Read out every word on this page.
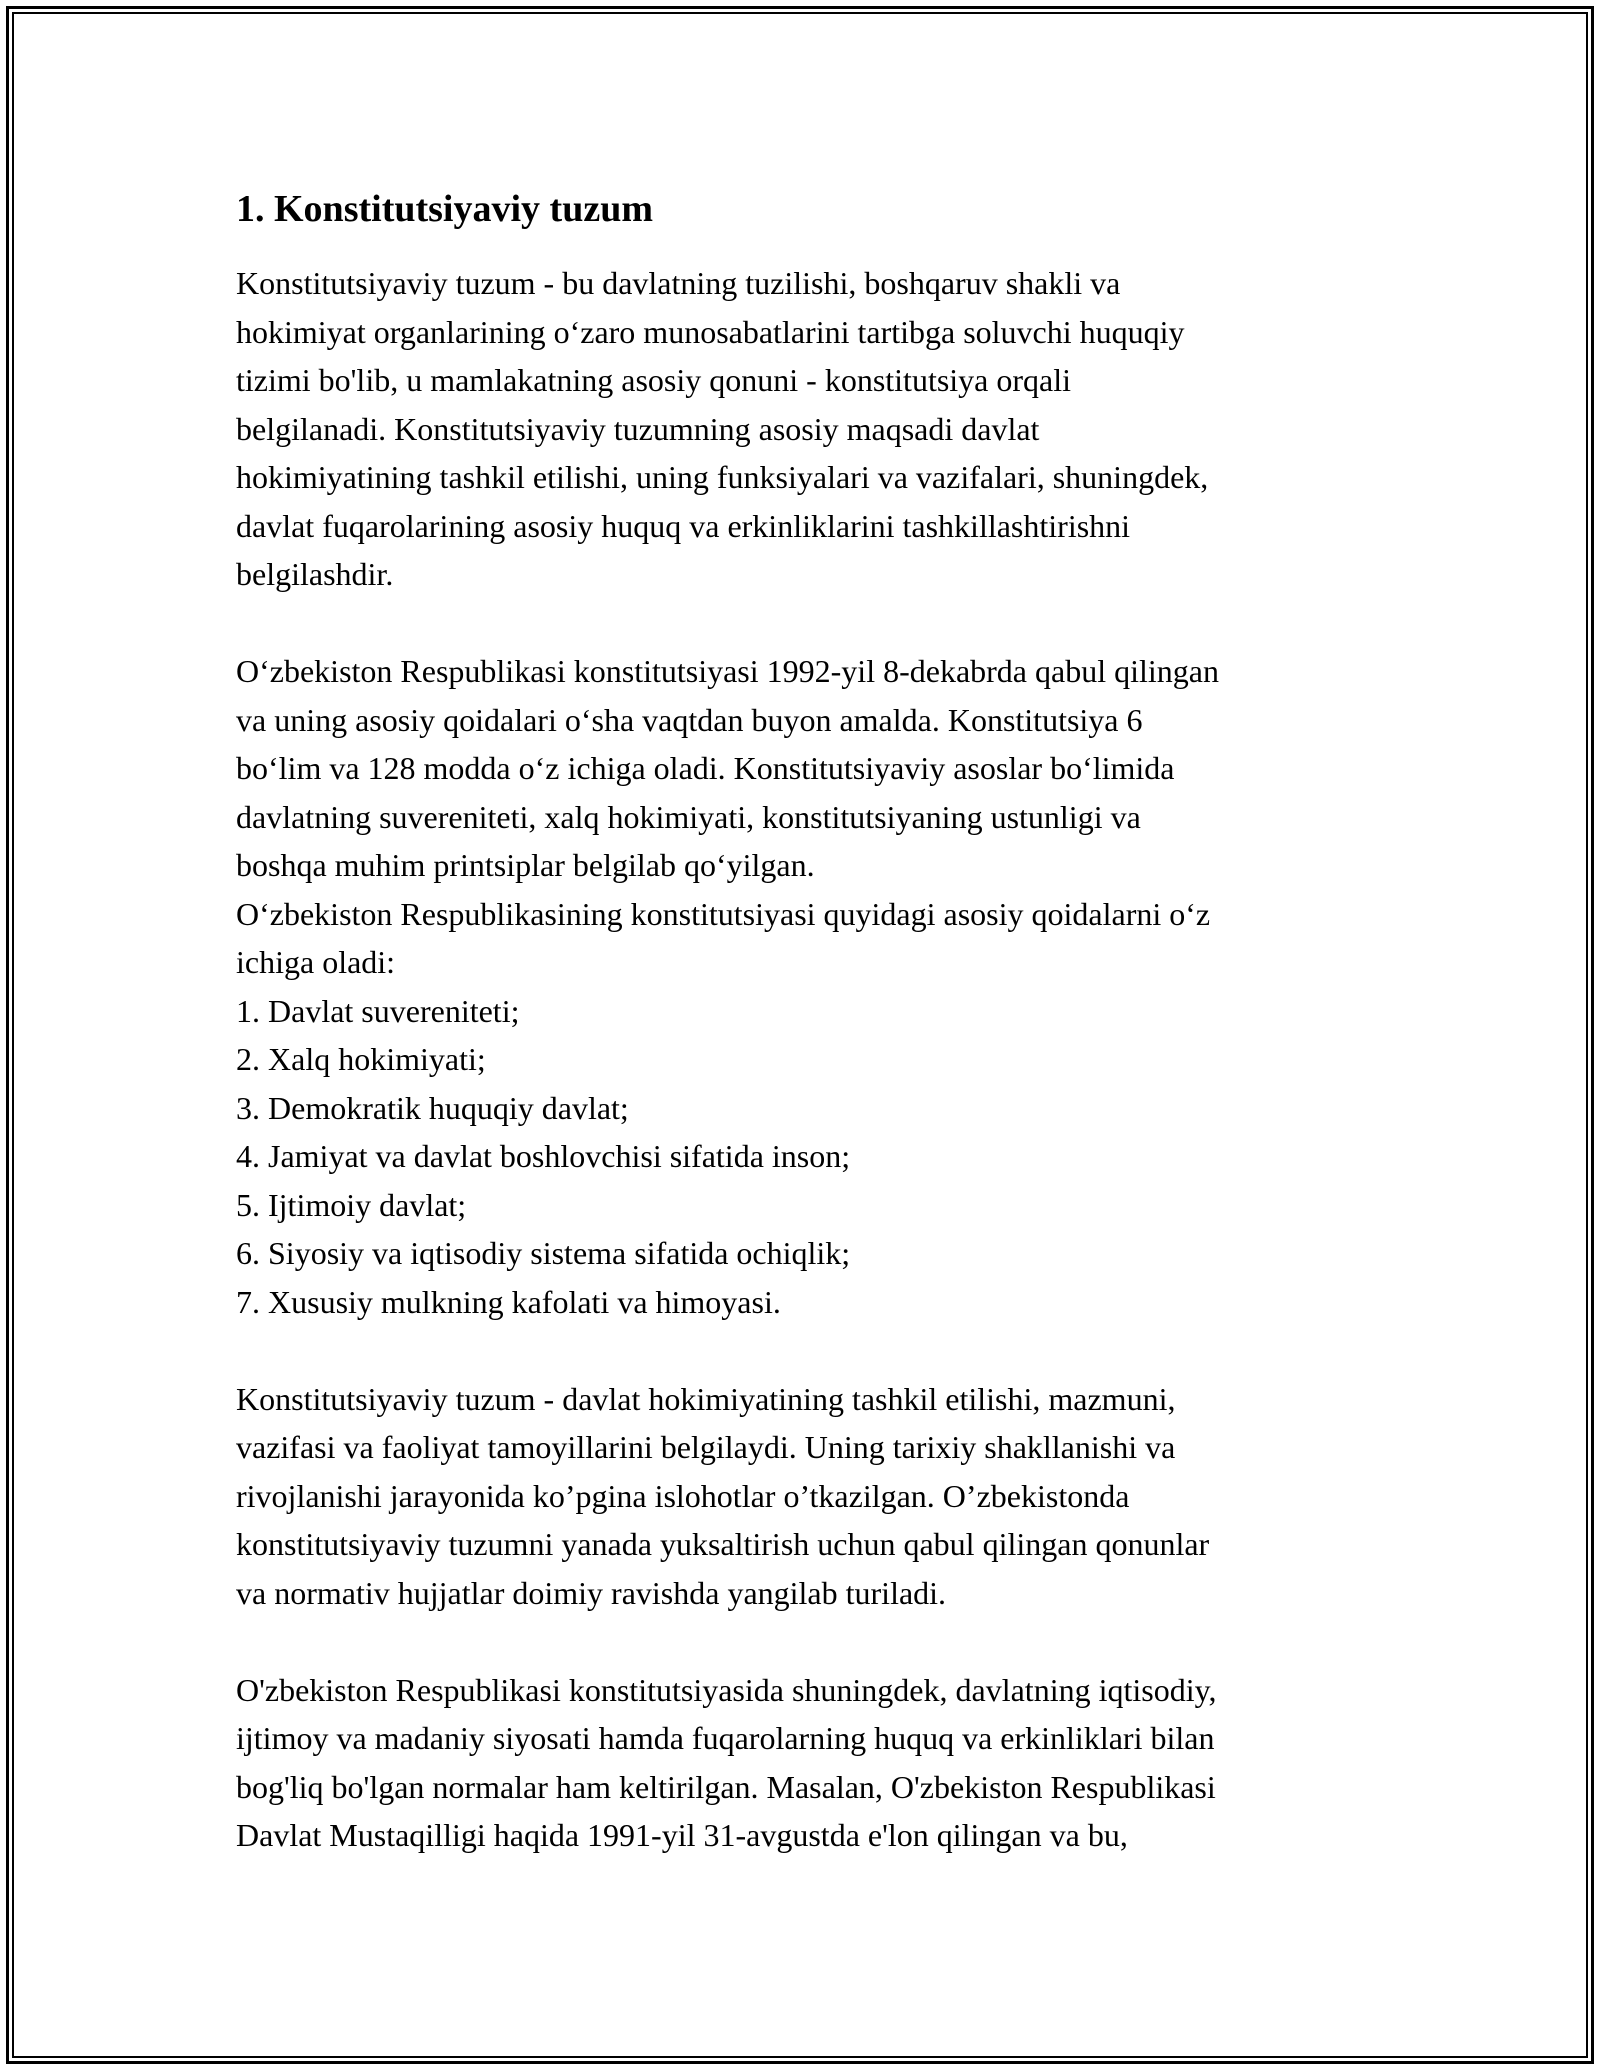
1. Konstitutsiyaviy tuzum
Konstitutsiyaviy tuzum - bu davlatning tuzilishi, boshqaruv shakli va
hokimiyat organlarining o‘zaro munosabatlarini tartibga soluvchi huquqiy
tizimi bo'lib, u mamlakatning asosiy qonuni - konstitutsiya orqali
belgilanadi. Konstitutsiyaviy tuzumning asosiy maqsadi davlat
hokimiyatining tashkil etilishi, uning funksiyalari va vazifalari, shuningdek,
davlat fuqarolarining asosiy huquq va erkinliklarini tashkillashtirishni
belgilashdir.
O‘zbekiston Respublikasi konstitutsiyasi 1992-yil 8-dekabrda qabul qilingan
va uning asosiy qoidalari o‘sha vaqtdan buyon amalda. Konstitutsiya 6
bo‘lim va 128 modda o‘z ichiga oladi. Konstitutsiyaviy asoslar bo‘limida
davlatning suvereniteti, xalq hokimiyati, konstitutsiyaning ustunligi va
boshqa muhim printsiplar belgilab qo‘yilgan.
O‘zbekiston Respublikasining konstitutsiyasi quyidagi asosiy qoidalarni o‘z
ichiga oladi:
1. Davlat suvereniteti;
2. Xalq hokimiyati;
3. Demokratik huquqiy davlat;
4. Jamiyat va davlat boshlovchisi sifatida inson;
5. Ijtimoiy davlat;
6. Siyosiy va iqtisodiy sistema sifatida ochiqlik;
7. Xususiy mulkning kafolati va himoyasi.
Konstitutsiyaviy tuzum - davlat hokimiyatining tashkil etilishi, mazmuni,
vazifasi va faoliyat tamoyillarini belgilaydi. Uning tarixiy shakllanishi va
rivojlanishi jarayonida ko’pgina islohotlar o’tkazilgan. O’zbekistonda
konstitutsiyaviy tuzumni yanada yuksaltirish uchun qabul qilingan qonunlar
va normativ hujjatlar doimiy ravishda yangilab turiladi.
O'zbekiston Respublikasi konstitutsiyasida shuningdek, davlatning iqtisodiy,
ijtimoy va madaniy siyosati hamda fuqarolarning huquq va erkinliklari bilan
bog'liq bo'lgan normalar ham keltirilgan. Masalan, O'zbekiston Respublikasi
Davlat Mustaqilligi haqida 1991-yil 31-avgustda e'lon qilingan va bu,
